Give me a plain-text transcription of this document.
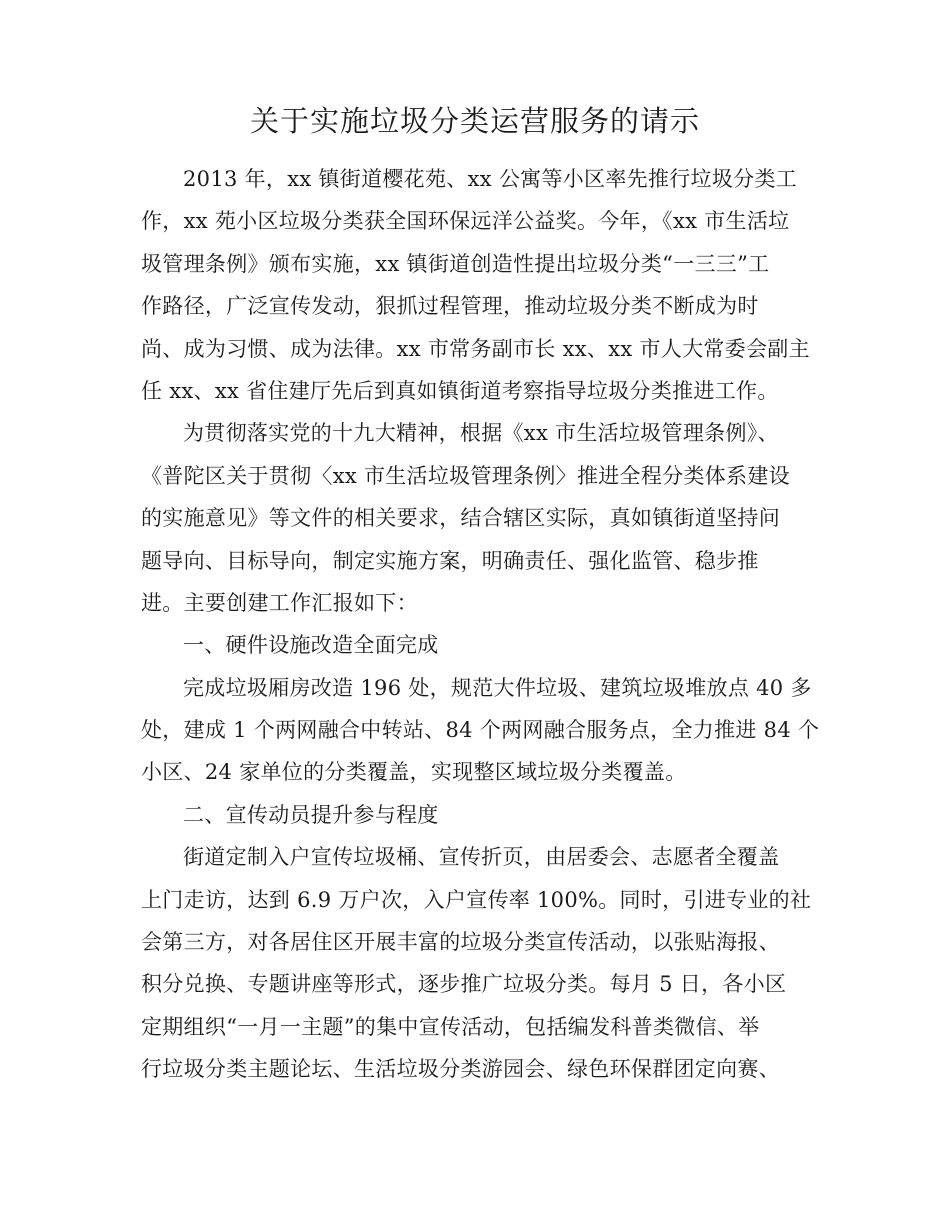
关于实施垃圾分类运营服务的请示
2013 年，xx 镇街道樱花苑、xx 公寓等小区率先推行垃圾分类工
作，xx 苑小区垃圾分类获全国环保远洋公益奖。今年，《xx 市生活垃
圾管理条例》颁布实施，xx 镇街道创造性提出垃圾分类“一三三”工
作路径，广泛宣传发动，狠抓过程管理，推动垃圾分类不断成为时
尚、成为习惯、成为法律。xx 市常务副市长 xx、xx 市人大常委会副主
任 xx、xx 省住建厅先后到真如镇街道考察指导垃圾分类推进工作。
为贯彻落实党的十九大精神，根据《xx 市生活垃圾管理条例》、
《普陀区关于贯彻〈xx 市生活垃圾管理条例〉推进全程分类体系建设
的实施意见》等文件的相关要求，结合辖区实际，真如镇街道坚持问
题导向、目标导向，制定实施方案，明确责任、强化监管、稳步推
进。主要创建工作汇报如下：
一、硬件设施改造全面完成
完成垃圾厢房改造 196 处，规范大件垃圾、建筑垃圾堆放点 40 多
处，建成 1 个两网融合中转站、84 个两网融合服务点，全力推进 84 个
小区、24 家单位的分类覆盖，实现整区域垃圾分类覆盖。
二、宣传动员提升参与程度
街道定制入户宣传垃圾桶、宣传折页，由居委会、志愿者全覆盖
上门走访，达到 6.9 万户次，入户宣传率 100%。同时，引进专业的社
会第三方，对各居住区开展丰富的垃圾分类宣传活动，以张贴海报、
积分兑换、专题讲座等形式，逐步推广垃圾分类。每月 5 日，各小区
定期组织“一月一主题”的集中宣传活动，包括编发科普类微信、举
行垃圾分类主题论坛、生活垃圾分类游园会、绿色环保群团定向赛、
